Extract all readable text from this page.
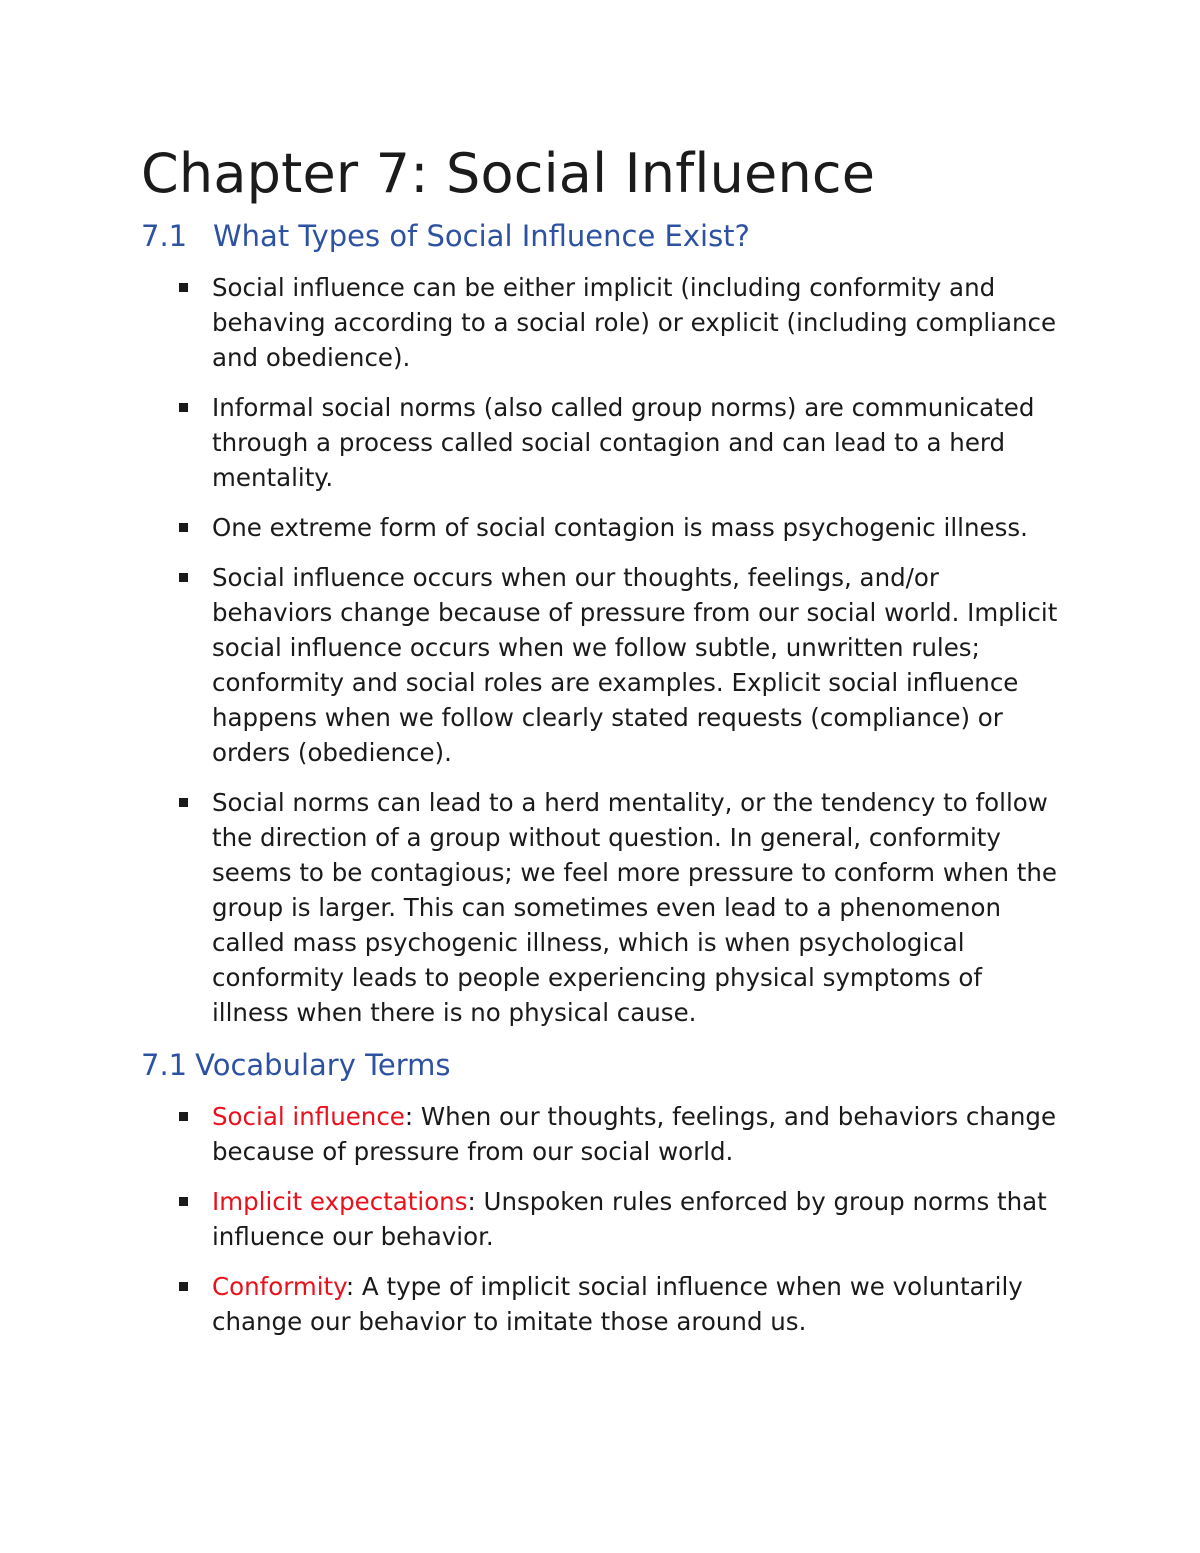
Chapter 7: Social Influence
7.1 What Types of Social Influence Exist?
Social influence can be either implicit (including conformity and behaving according to a social role) or explicit (including compliance and obedience).
Informal social norms (also called group norms) are communicated through a process called social contagion and can lead to a herd mentality.
One extreme form of social contagion is mass psychogenic illness.
Social influence occurs when our thoughts, feelings, and/or behaviors change because of pressure from our social world. Implicit social influence occurs when we follow subtle, unwritten rules; conformity and social roles are examples. Explicit social influence happens when we follow clearly stated requests (compliance) or orders (obedience).
Social norms can lead to a herd mentality, or the tendency to follow the direction of a group without question. In general, conformity seems to be contagious; we feel more pressure to conform when the group is larger. This can sometimes even lead to a phenomenon called mass psychogenic illness, which is when psychological conformity leads to people experiencing physical symptoms of illness when there is no physical cause.
7.1 Vocabulary Terms
Social influence: When our thoughts, feelings, and behaviors change because of pressure from our social world.
Implicit expectations: Unspoken rules enforced by group norms that influence our behavior.
Conformity: A type of implicit social influence when we voluntarily change our behavior to imitate those around us.
